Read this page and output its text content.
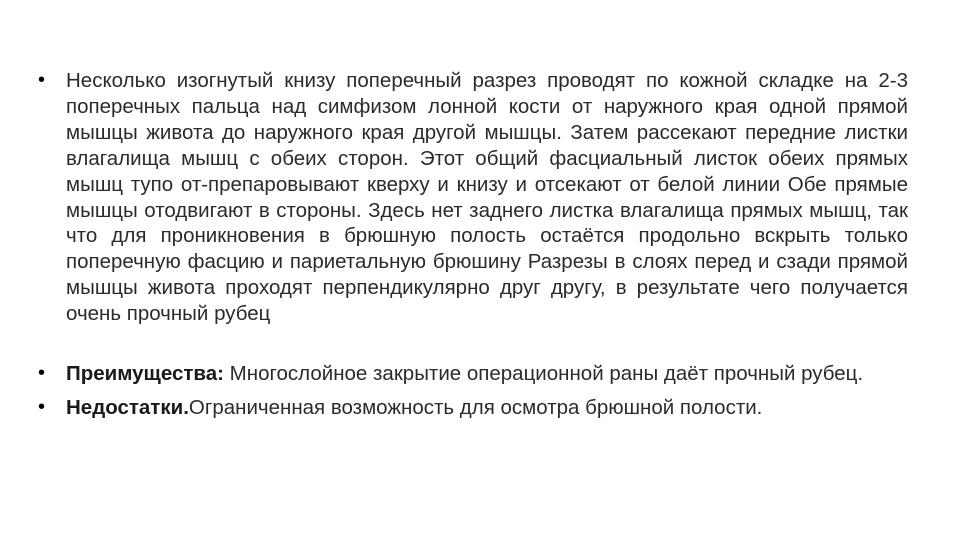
• Несколько изогнутый книзу поперечный разрез проводят по кожной складке на 2-3 поперечных пальца над симфизом лонной кости от наружного края одной прямой мышцы живота до наружного края другой мышцы. Затем рассекают передние листки влагалища мышц с обеих сторон. Этот общий фасциальный листок обеих прямых мышц тупо от-препаровывают кверху и книзу и отсекают от белой линии Обе прямые мышцы отодвигают в стороны. Здесь нет заднего листка влагалища прямых мышц, так что для проникновения в брюшную полость остаётся продольно вскрыть только поперечную фасцию и париетальную брюшину Разрезы в слоях перед и сзади прямой мышцы живота проходят перпендикулярно друг другу, в результате чего получается очень прочный рубец
• Преимущества: Многослойное закрытие операционной раны даёт прочный рубец.
• Недостатки.Ограниченная возможность для осмотра брюшной полости.
